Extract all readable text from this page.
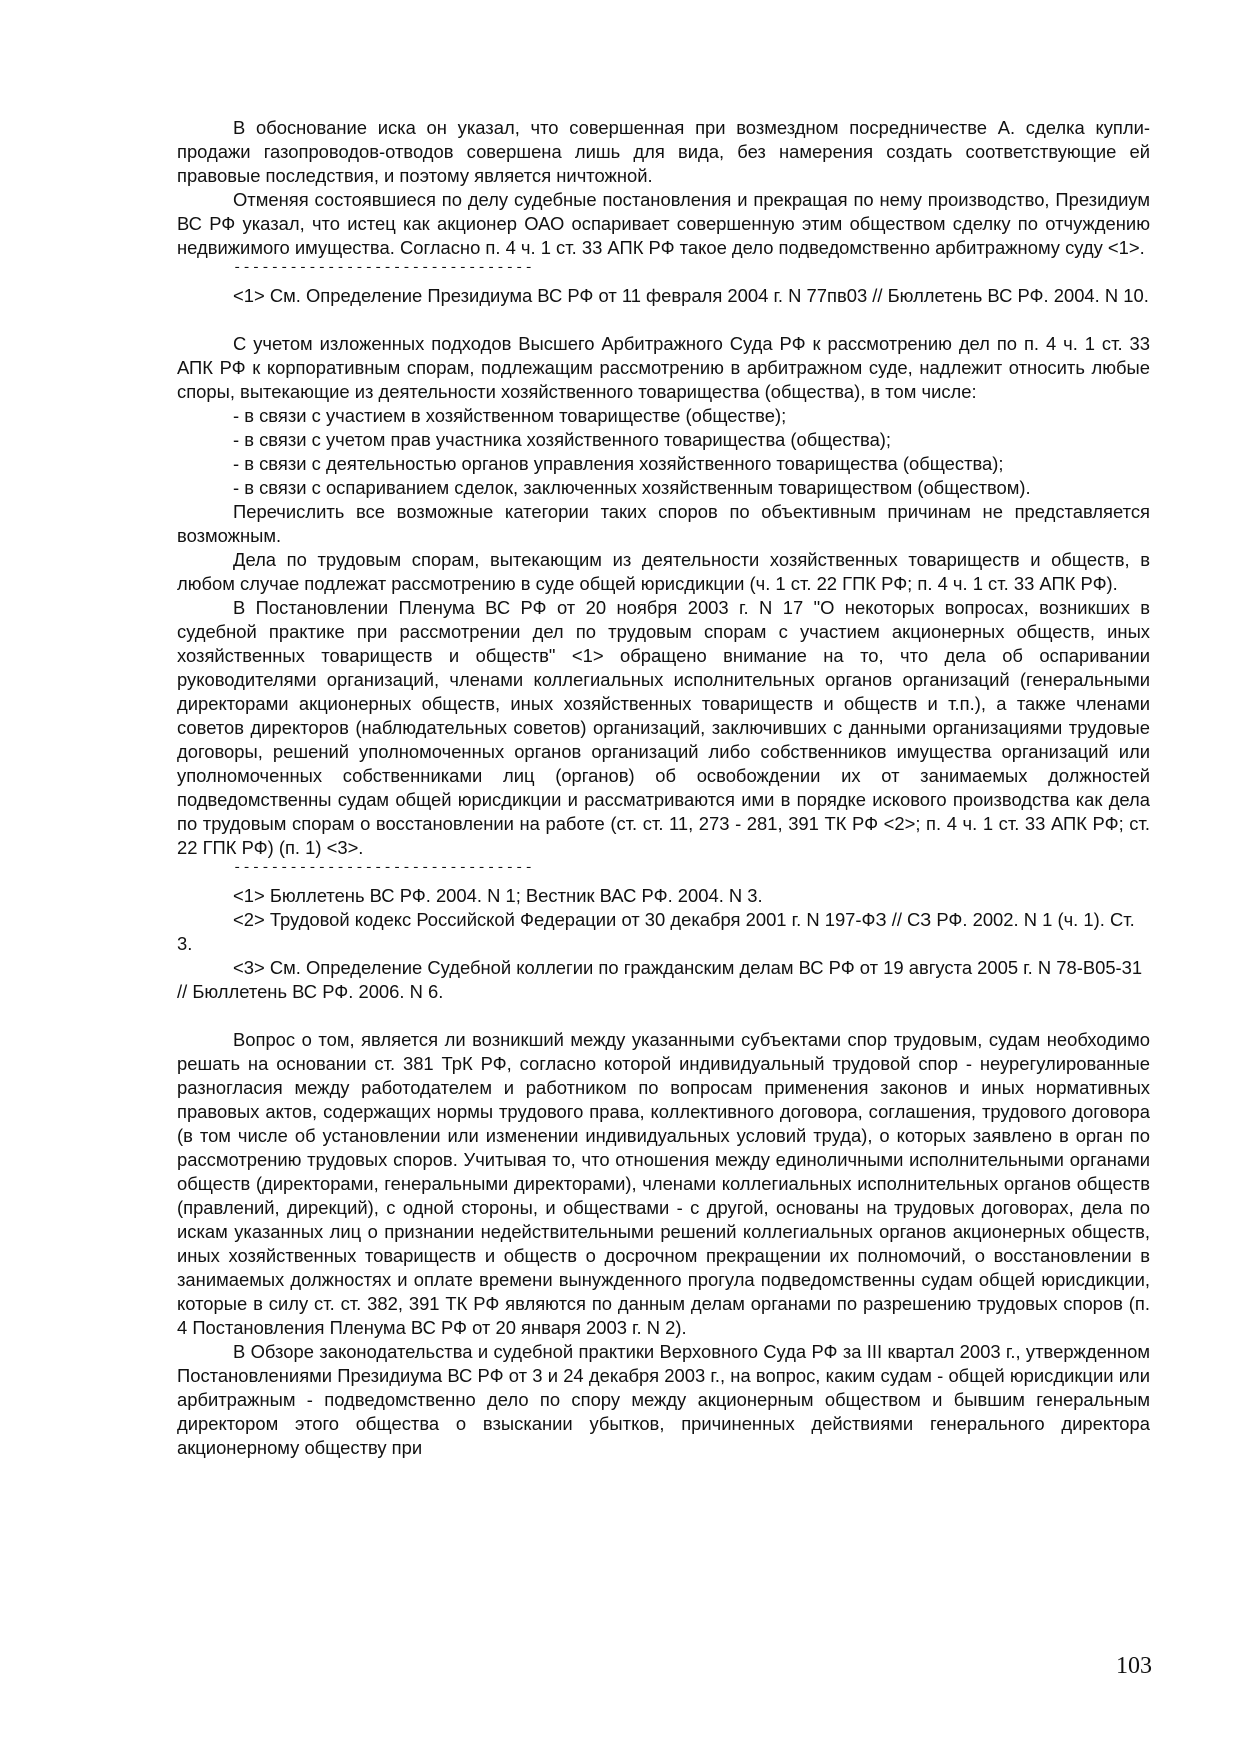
В обоснование иска он указал, что совершенная при возмездном посредничестве А. сделка купли-продажи газопроводов-отводов совершена лишь для вида, без намерения создать соответствующие ей правовые последствия, и поэтому является ничтожной.

Отменяя состоявшиеся по делу судебные постановления и прекращая по нему производство, Президиум ВС РФ указал, что истец как акционер ОАО оспаривает совершенную этим обществом сделку по отчуждению недвижимого имущества. Согласно п. 4 ч. 1 ст. 33 АПК РФ такое дело подведомственно арбитражному суду <1>.

--------------------------------

<1> См. Определение Президиума ВС РФ от 11 февраля 2004 г. N 77пв03 // Бюллетень ВС РФ. 2004. N 10.

С учетом изложенных подходов Высшего Арбитражного Суда РФ к рассмотрению дел по п. 4 ч. 1 ст. 33 АПК РФ к корпоративным спорам, подлежащим рассмотрению в арбитражном суде, надлежит относить любые споры, вытекающие из деятельности хозяйственного товарищества (общества), в том числе:

- в связи с участием в хозяйственном товариществе (обществе);

- в связи с учетом прав участника хозяйственного товарищества (общества);

- в связи с деятельностью органов управления хозяйственного товарищества (общества);

- в связи с оспариванием сделок, заключенных хозяйственным товариществом (обществом).

Перечислить все возможные категории таких споров по объективным причинам не представляется возможным.

Дела по трудовым спорам, вытекающим из деятельности хозяйственных товариществ и обществ, в любом случае подлежат рассмотрению в суде общей юрисдикции (ч. 1 ст. 22 ГПК РФ; п. 4 ч. 1 ст. 33 АПК РФ).

В Постановлении Пленума ВС РФ от 20 ноября 2003 г. N 17 "О некоторых вопросах, возникших в судебной практике при рассмотрении дел по трудовым спорам с участием акционерных обществ, иных хозяйственных товариществ и обществ" <1> обращено внимание на то, что дела об оспаривании руководителями организаций, членами коллегиальных исполнительных органов организаций (генеральными директорами акционерных обществ, иных хозяйственных товариществ и обществ и т.п.), а также членами советов директоров (наблюдательных советов) организаций, заключивших с данными организациями трудовые договоры, решений уполномоченных органов организаций либо собственников имущества организаций или уполномоченных собственниками лиц (органов) об освобождении их от занимаемых должностей подведомственны судам общей юрисдикции и рассматриваются ими в порядке искового производства как дела по трудовым спорам о восстановлении на работе (ст. ст. 11, 273 - 281, 391 ТК РФ <2>; п. 4 ч. 1 ст. 33 АПК РФ; ст. 22 ГПК РФ) (п. 1) <3>.

--------------------------------

<1> Бюллетень ВС РФ. 2004. N 1; Вестник ВАС РФ. 2004. N 3.

<2> Трудовой кодекс Российской Федерации от 30 декабря 2001 г. N 197-ФЗ // СЗ РФ. 2002. N 1 (ч. 1). Ст. 3.

<3> См. Определение Судебной коллегии по гражданским делам ВС РФ от 19 августа 2005 г. N 78-В05-31 // Бюллетень ВС РФ. 2006. N 6.

Вопрос о том, является ли возникший между указанными субъектами спор трудовым, судам необходимо решать на основании ст. 381 ТрК РФ, согласно которой индивидуальный трудовой спор - неурегулированные разногласия между работодателем и работником по вопросам применения законов и иных нормативных правовых актов, содержащих нормы трудового права, коллективного договора, соглашения, трудового договора (в том числе об установлении или изменении индивидуальных условий труда), о которых заявлено в орган по рассмотрению трудовых споров. Учитывая то, что отношения между единоличными исполнительными органами обществ (директорами, генеральными директорами), членами коллегиальных исполнительных органов обществ (правлений, дирекций), с одной стороны, и обществами - с другой, основаны на трудовых договорах, дела по искам указанных лиц о признании недействительными решений коллегиальных органов акционерных обществ, иных хозяйственных товариществ и обществ о досрочном прекращении их полномочий, о восстановлении в занимаемых должностях и оплате времени вынужденного прогула подведомственны судам общей юрисдикции, которые в силу ст. ст. 382, 391 ТК РФ являются по данным делам органами по разрешению трудовых споров (п. 4 Постановления Пленума ВС РФ от 20 января 2003 г. N 2).

В Обзоре законодательства и судебной практики Верховного Суда РФ за III квартал 2003 г., утвержденном Постановлениями Президиума ВС РФ от 3 и 24 декабря 2003 г., на вопрос, каким судам - общей юрисдикции или арбитражным - подведомственно дело по спору между акционерным обществом и бывшим генеральным директором этого общества о взыскании убытков, причиненных действиями генерального директора акционерному обществу при

103
